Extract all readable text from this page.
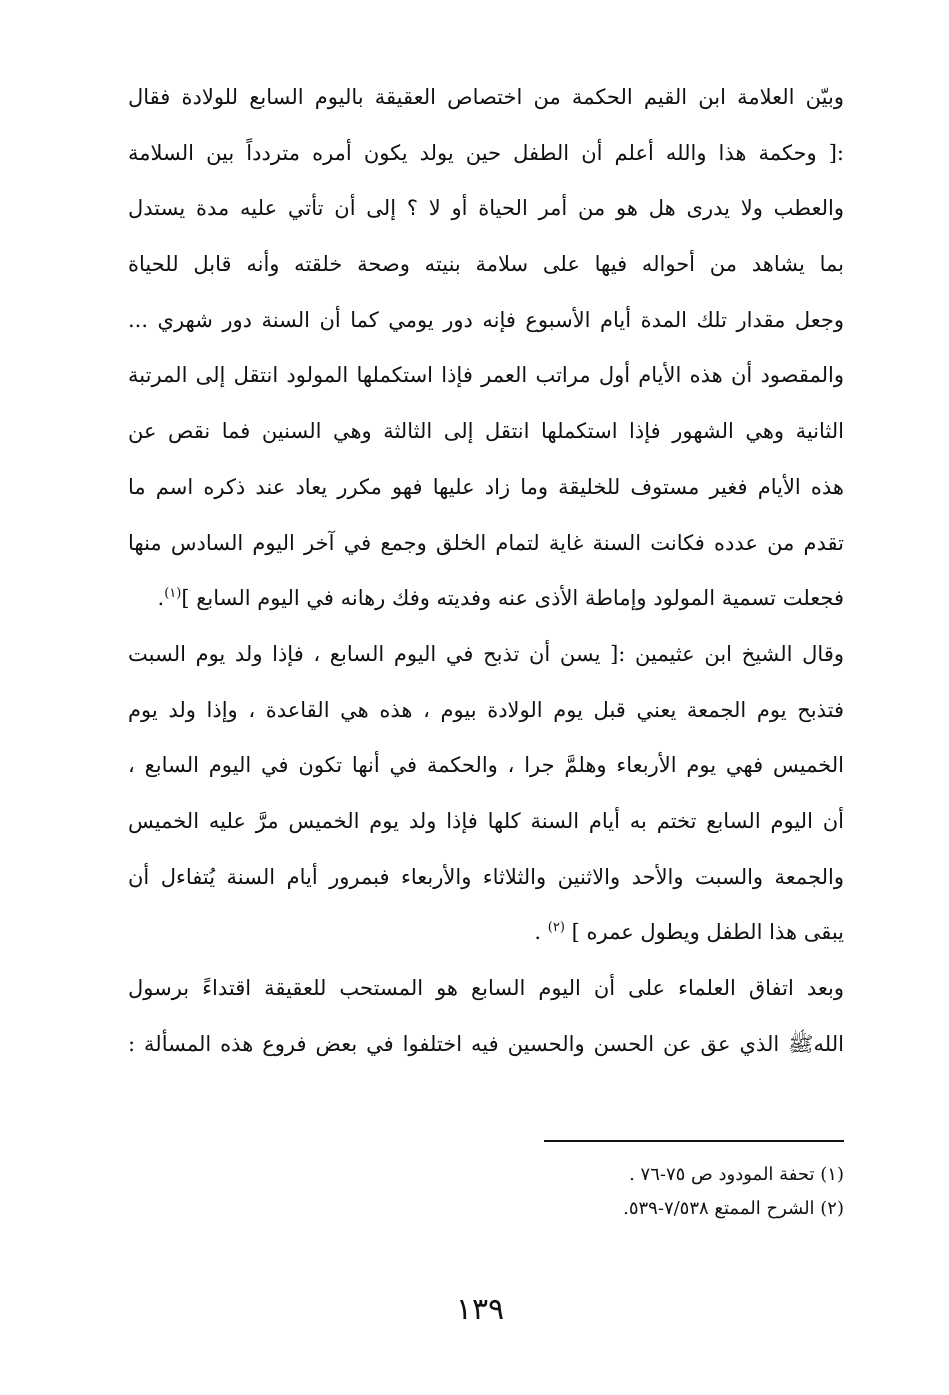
وبيّن العلامة ابن القيم الحكمة من اختصاص العقيقة باليوم السابع للولادة فقال
:[ وحكمة هذا والله أعلم أن الطفل حين يولد يكون أمره متردداً بين السلامة
والعطب ولا يدرى هل هو من أمر الحياة أو لا ؟ إلى أن تأتي عليه مدة يستدل
بما يشاهد من أحواله فيها على سلامة بنيته وصحة خلقته وأنه قابل للحياة
وجعل مقدار تلك المدة أيام الأسبوع فإنه دور يومي كما أن السنة دور شهري ...
والمقصود أن هذه الأيام أول مراتب العمر فإذا استكملها المولود انتقل إلى المرتبة
الثانية وهي الشهور فإذا استكملها انتقل إلى الثالثة وهي السنين فما نقص عن
هذه الأيام فغير مستوف للخليقة وما زاد عليها فهو مكرر يعاد عند ذكره اسم ما
تقدم من عدده فكانت السنة غاية لتمام الخلق وجمع في آخر اليوم السادس منها
فجعلت تسمية المولود وإماطة الأذى عنه وفديته وفك رهانه في اليوم السابع ]$^{(١)}$.
وقال الشيخ ابن عثيمين :[ يسن أن تذبح في اليوم السابع ، فإذا ولد يوم السبت
فتذبح يوم الجمعة يعني قبل يوم الولادة بيوم ، هذه هي القاعدة ، وإذا ولد يوم
الخميس فهي يوم الأربعاء وهلمَّ جرا ، والحكمة في أنها تكون في اليوم السابع ،
أن اليوم السابع تختم به أيام السنة كلها فإذا ولد يوم الخميس مرَّ عليه الخميس
والجمعة والسبت والأحد والاثنين والثلاثاء والأربعاء فبمرور أيام السنة يُتفاءل أن
يبقى هذا الطفل ويطول عمره ] $^{(٢)}$ .
وبعد اتفاق العلماء على أن اليوم السابع هو المستحب للعقيقة اقتداءً برسول
اللهﷺ الذي عق عن الحسن والحسين فيه اختلفوا في بعض فروع هذه المسألة :
(١) تحفة المودود ص ٧٥-٧٦ .
(٢) الشرح الممتع ٧/٥٣٨-٥٣٩.
١٣٩
